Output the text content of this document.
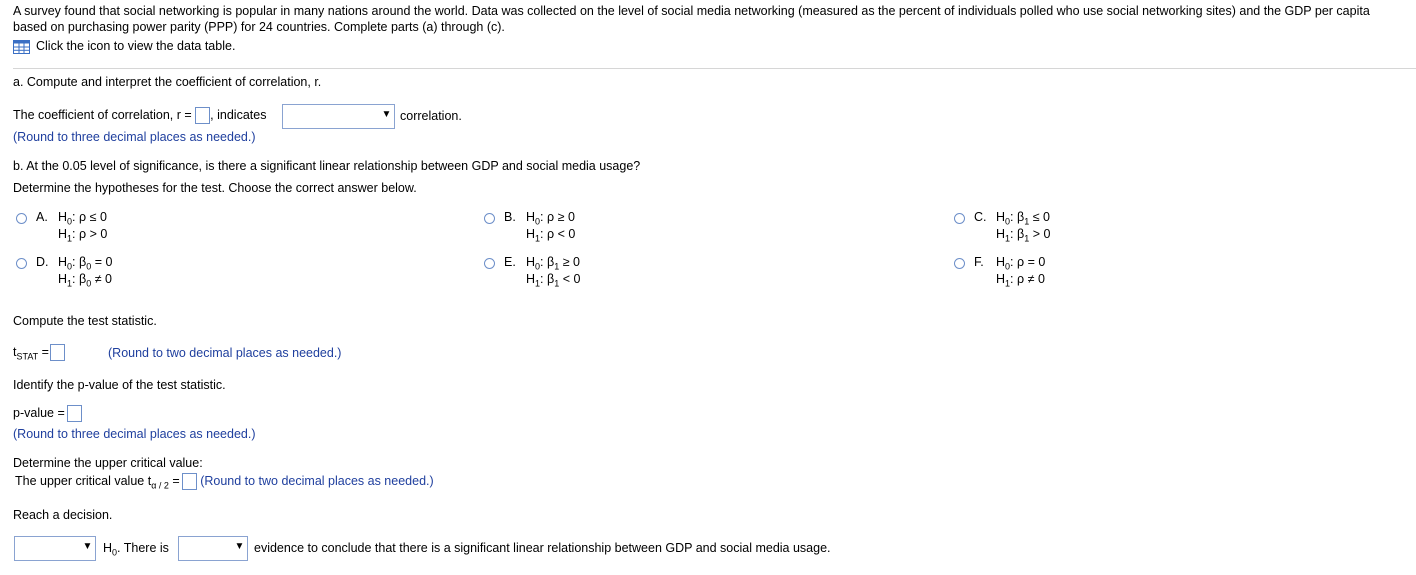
A survey found that social networking is popular in many nations around the world. Data was collected on the level of social media networking (measured as the percent of individuals polled who use social networking sites) and the GDP per capita based on purchasing power parity (PPP) for 24 countries. Complete parts (a) through (c).
Click the icon to view the data table.
a. Compute and interpret the coefficient of correlation, r.
The coefficient of correlation, r = , indicates	▼ correlation.
(Round to three decimal places as needed.)
b. At the 0.05 level of significance, is there a significant linear relationship between GDP and social media usage?
Determine the hypotheses for the test. Choose the correct answer below.
A. $H_0$: ρ ≤ 0
$H_1$: ρ > 0
B. $H_0$: ρ ≥ 0
$H_1$: ρ < 0
C. $H_0$: $\beta_1 \le 0$
$H_1$: $\beta_1 > 0$
D. $H_0$: $\beta_0 = 0$
$H_1$: $\beta_0 \ne 0$
E. $H_0$: $\beta_1 \ge 0$
$H_1$: $\beta_1 < 0$
F. $H_0$: ρ = 0
$H_1$: ρ ≠ 0
Compute the test statistic.
$t_{STAT}$ =	(Round to two decimal places as needed.)
Identify the p-value of the test statistic.
p-value =
(Round to three decimal places as needed.)
Determine the upper critical value:
The upper critical value $t_{\alpha / 2}$ = (Round to two decimal places as needed.)
Reach a decision.
▼ $H_0$. There is	▼ evidence to conclude that there is a significant linear relationship between GDP and social media usage.
